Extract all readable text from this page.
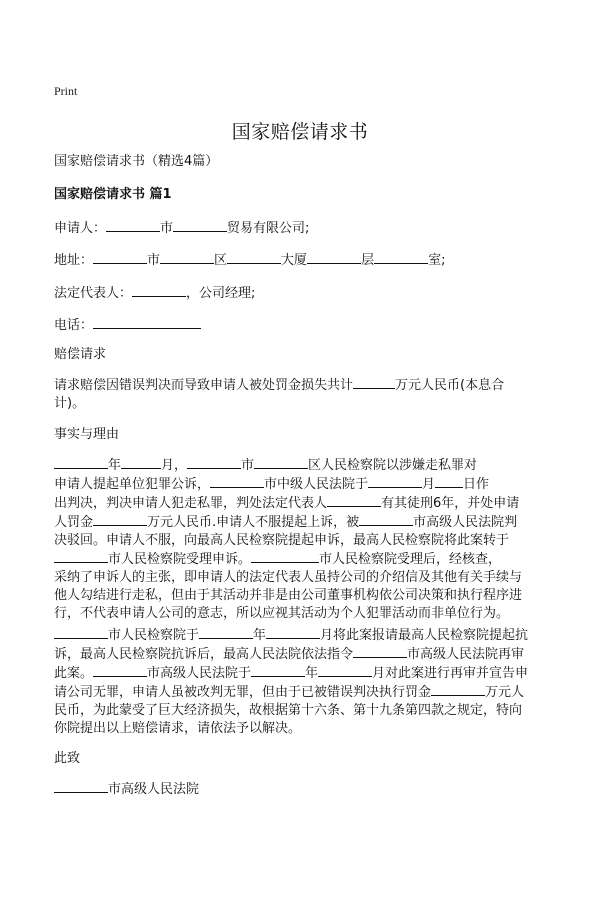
Print
国家赔偿请求书
国家赔偿请求书（精选4篇）
国家赔偿请求书 篇1
申请人：	市	贸易有限公司;
地址：	市	区	大厦	层	室;
法定代表人：	，公司经理;
电话：
赔偿请求
请求赔偿因错误判决而导致申请人被处罚金损失共计	万元人民币(本息合
计)。
事实与理由
年	月，	市	区人民检察院以涉嫌走私罪对
申请人提起单位犯罪公诉，	市中级人民法院于	月 日作
出判决，判决申请人犯走私罪，判处法定代表人	有其徒刑6年，并处申请
人罚金	万元人民币.申请人不服提起上诉，被	市高级人民法院判
决驳回。申请人不服，向最高人民检察院提起申诉，最高人民检察院将此案转于
市人民检察院受理申诉。	市人民检察院受理后，经核查，
采纳了申诉人的主张，即申请人的法定代表人虽持公司的介绍信及其他有关手续与
他人勾结进行走私，但由于其活动并非是由公司董事机构依公司决策和执行程序进
行，不代表申请人公司的意志，所以应视其活动为个人犯罪活动而非单位行为。
市人民检察院于	年	月将此案报请最高人民检察院提起抗
诉，最高人民检察院抗诉后，最高人民法院依法指令	市高级人民法院再审
此案。	市高级人民法院于	年	月对此案进行再审并宣告申
请公司无罪，申请人虽被改判无罪，但由于已被错误判决执行罚金	万元人
民币，为此蒙受了巨大经济损失，故根据第十六条、第十九条第四款之规定，特向
你院提出以上赔偿请求，请依法予以解决。
此致
市高级人民法院
